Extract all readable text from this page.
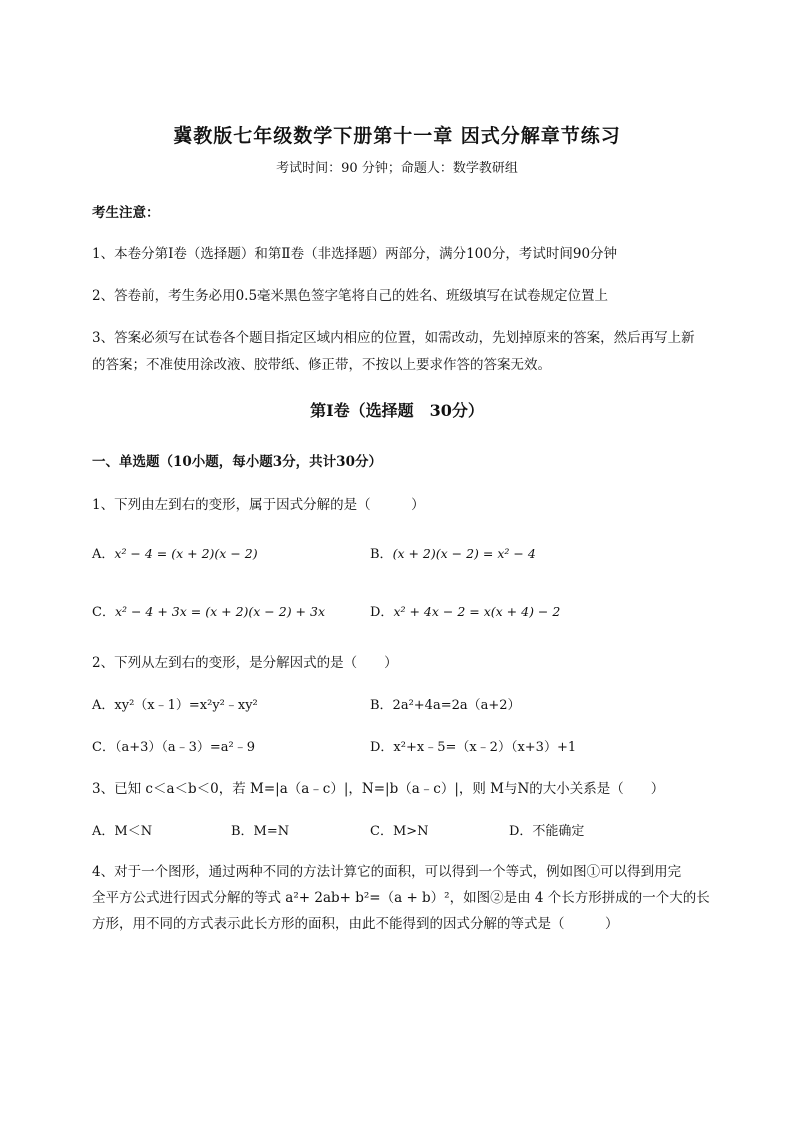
冀教版七年级数学下册第十一章 因式分解章节练习
考试时间：90 分钟；命题人：数学教研组
考生注意：
1、本卷分第Ⅰ卷（选择题）和第Ⅱ卷（非选择题）两部分，满分100分，考试时间90分钟
2、答卷前，考生务必用0.5毫米黑色签字笔将自己的姓名、班级填写在试卷规定位置上
3、答案必须写在试卷各个题目指定区域内相应的位置，如需改动，先划掉原来的答案，然后再写上新
的答案；不准使用涂改液、胶带纸、修正带，不按以上要求作答的答案无效。
第Ⅰ卷（选择题　30分）
一、单选题（10小题，每小题3分，共计30分）
1、下列由左到右的变形，属于因式分解的是（　　　）
A．x² − 4 = (x + 2)(x − 2)	B．(x + 2)(x − 2) = x² − 4
C．x² − 4 + 3x = (x + 2)(x − 2) + 3x	D．x² + 4x − 2 = x(x + 4) − 2
2、下列从左到右的变形，是分解因式的是（　　）
A．xy²（x﹣1）=x²y²﹣xy²	B．2a²+4a=2a（a+2）
C．（a+3）（a﹣3）=a²﹣9	D．x²+x﹣5=（x﹣2）（x+3）+1
3、已知 c＜a＜b＜0，若 M=|a（a﹣c）|，N=|b（a﹣c）|，则 M与N的大小关系是（　　）
A．M＜N	B．M=N	C．M>N	D．不能确定
4、对于一个图形，通过两种不同的方法计算它的面积，可以得到一个等式，例如图①可以得到用完
全平方公式进行因式分解的等式 a²+ 2ab+ b²=（a + b）²，如图②是由 4 个长方形拼成的一个大的长
方形，用不同的方式表示此长方形的面积，由此不能得到的因式分解的等式是（　　　）
